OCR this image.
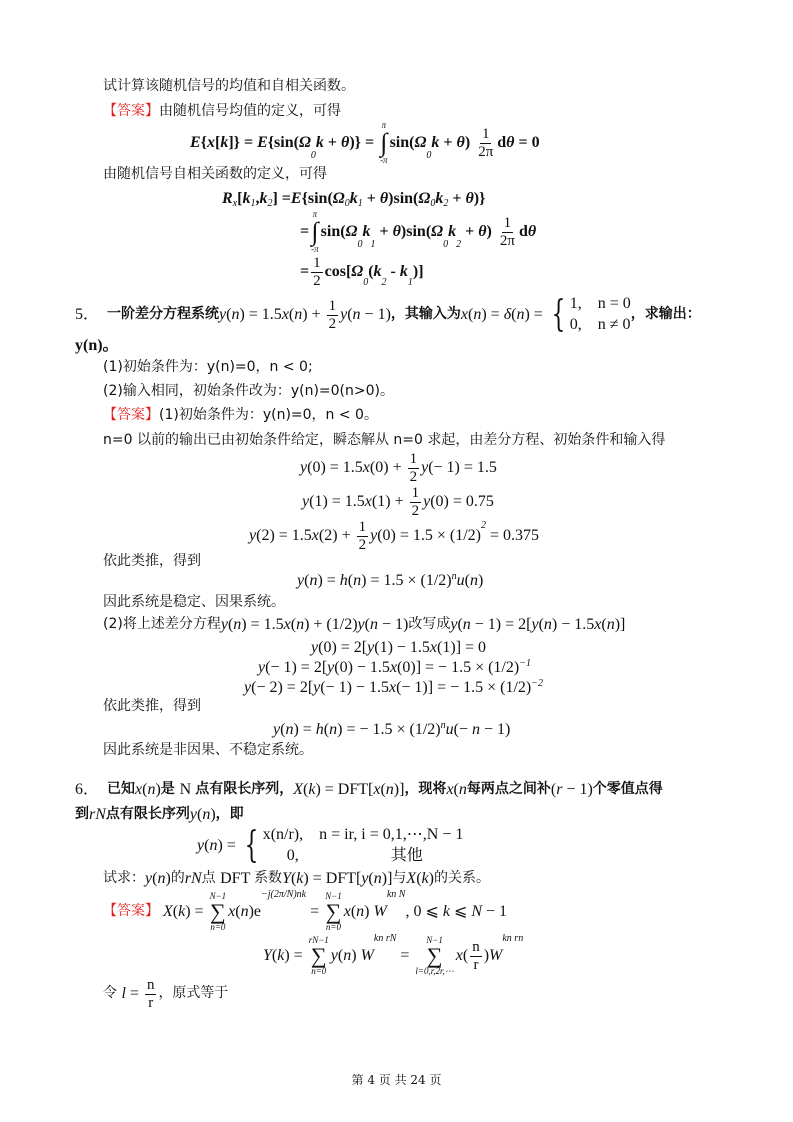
试计算该随机信号的均值和自相关函数。
【答案】 由随机信号均值的定义，可得
E { x [ k ]} = E {sin( Ω
0
k + θ )} =
π
∫
-π
sin( Ω
0
k + θ ) $\frac{1}{2\pi}$ d θ = 0
由随机信号自相关函数的定义，可得
R x [ k 1 , k 2 ] = E {sin( Ω 0 k 1 + θ )sin( Ω 0 k 2 + θ )}
=
π
∫
-π
sin( Ω
0
k
1
+ θ )sin( Ω
0
k
2
+ θ ) $\frac{1}{2\pi}$ d θ
= $\frac{1}{2} \cos$[ Ω
0
( k
2
- k
1
)]
5． 一阶差分方程系统 y ( n ) = 1.5 x ( n ) + $\frac{1}{2}$ y ( n − 1) ，其输入为 x ( n ) = δ ( n ) = { 1,    n = 0
0,    n ≠ 0
，求输出：
y(n)。
(1)初始条件为：y(n)=0，n < 0;
(2)输入相同，初始条件改为：y(n)=0(n>0)。
【答案】 (1)初始条件为：y(n)=0，n < 0。
n=0 以前的输出已由初始条件给定，瞬态解从 n=0 求起，由差分方程、初始条件和输入得
y (0) = 1.5 x $(0) + \frac{1}{2}$ y (− 1) = 1.5
y (1) = 1.5 x $(1) + \frac{1}{2}$ y (0) = 0.75
y (2) = 1.5 x $(2) + \frac{1}{2}$ y (0) = 1.5 × (1/2)
2
= 0.375
依此类推，得到
y ( n ) = h ( n ) = 1.5 × (1/2) n u ( n )
因此系统是稳定、因果系统。
(2)将上述差分方程 y ( n ) = 1.5 x ( n ) + (1/2) y ( n − 1) 改写成 y ( n − 1) = 2[ y ( n ) − 1.5 x ( n )]
y (0) = 2[ y (1) − 1.5 x (1)] = 0
y (− 1) = 2[ y (0) − 1.5 x (0)] = − 1.5 × (1/2) −1
y (− 2) = 2[ y (− 1) − 1.5 x (− 1)] = − 1.5 × (1/2) −2
依此类推，得到
y ( n ) = h ( n ) = − 1.5 × (1/2) n u (− n − 1)
因此系统是非因果、不稳定系统。
6． 已知 x ( n ) 是 N 点有限长序列， X ( k ) = DFT[ x ( n )] ，现将 x ( n 每两点之间补 ( r − 1) 个零值点得
到 rN 点有限长序列 y ( n ) ，即
y ( n ) = { x(n/r),    n = ir, i = 0,1,⋯,N − 1
0,                       其他
试求： y ( n ) 的 rN 点 DFT 系数 Y ( k ) = DFT[ y ( n )] 与 X ( k ) 的关系。
【答案】 X ( k ) =
N−1
∑
n=0
x ( n )e
−j(2π/N)nk
=
N−1
∑
n=0
x ( n ) W
kn N
, 0 ⩽ k ⩽ N − 1
Y ( k ) =
rN−1
∑
n=0
y ( n ) W
kn rN
=
N−1
∑
l=0,r,2r,⋯
x ( $\frac{n}{r}$ ) W
kn rn
令 $l = \frac{n}{r}$ ，原式等于
第 4 页 共 24 页
